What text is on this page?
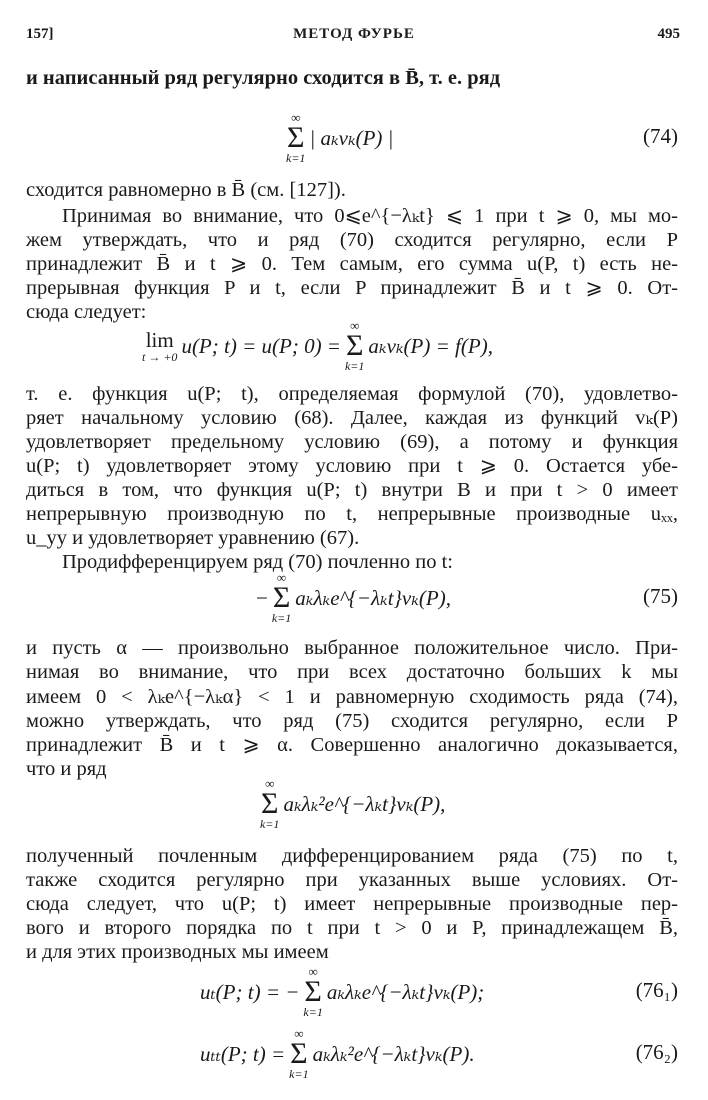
157]	МЕТОД ФУРЬЕ	495
и написанный ряд регулярно сходится в B̄, т. е. ряд
∞
Σ
k=1
| aₖvₖ(P) |	(74)
сходится равномерно в B̄ (см. [127]).
Принимая во внимание, что 0⩽e^{−λₖt} ⩽ 1 при t ⩾ 0, мы мо-
жем утверждать, что и ряд (70) сходится регулярно, если P
принадлежит B̄ и t ⩾ 0. Тем самым, его сумма u(P, t) есть не-
прерывная функция P и t, если P принадлежит B̄ и t ⩾ 0. От-
сюда следует:
lim
t → +0 u(P; t) = u(P; 0) =
∞
Σ
k=1
aₖvₖ(P) = f(P),
т. е. функция u(P; t), определяемая формулой (70), удовлетво-
ряет начальному условию (68). Далее, каждая из функций vₖ(P)
удовлетворяет предельному условию (69), а потому и функция
u(P; t) удовлетворяет этому условию при t ⩾ 0. Остается убе-
диться в том, что функция u(P; t) внутри B и при t > 0 имеет
непрерывную производную по t, непрерывные производные uₓₓ,
u_yy и удовлетворяет уравнению (67).
Продифференцируем ряд (70) почленно по t:
−
∞
Σ
k=1
aₖλₖe^{−λₖt}vₖ(P),	(75)
и пусть α — произвольно выбранное положительное число. При-
нимая во внимание, что при всех достаточно больших k мы
имеем 0 < λₖe^{−λₖα} < 1 и равномерную сходимость ряда (74),
можно утверждать, что ряд (75) сходится регулярно, если P
принадлежит B̄ и t ⩾ α. Совершенно аналогично доказывается,
что и ряд
∞
Σ
k=1
aₖλₖ²e^{−λₖt}vₖ(P),
полученный почленным дифференцированием ряда (75) по t,
также сходится регулярно при указанных выше условиях. От-
сюда следует, что u(P; t) имеет непрерывные производные пер-
вого и второго порядка по t при t > 0 и P, принадлежащем B̄,
и для этих производных мы имеем
uₜ(P; t) = −
∞
Σ
k=1
aₖλₖe^{−λₖt}vₖ(P);	(76₁)
uₜₜ(P; t) =
∞
Σ
k=1
aₖλₖ²e^{−λₖt}vₖ(P).	(76₂)
